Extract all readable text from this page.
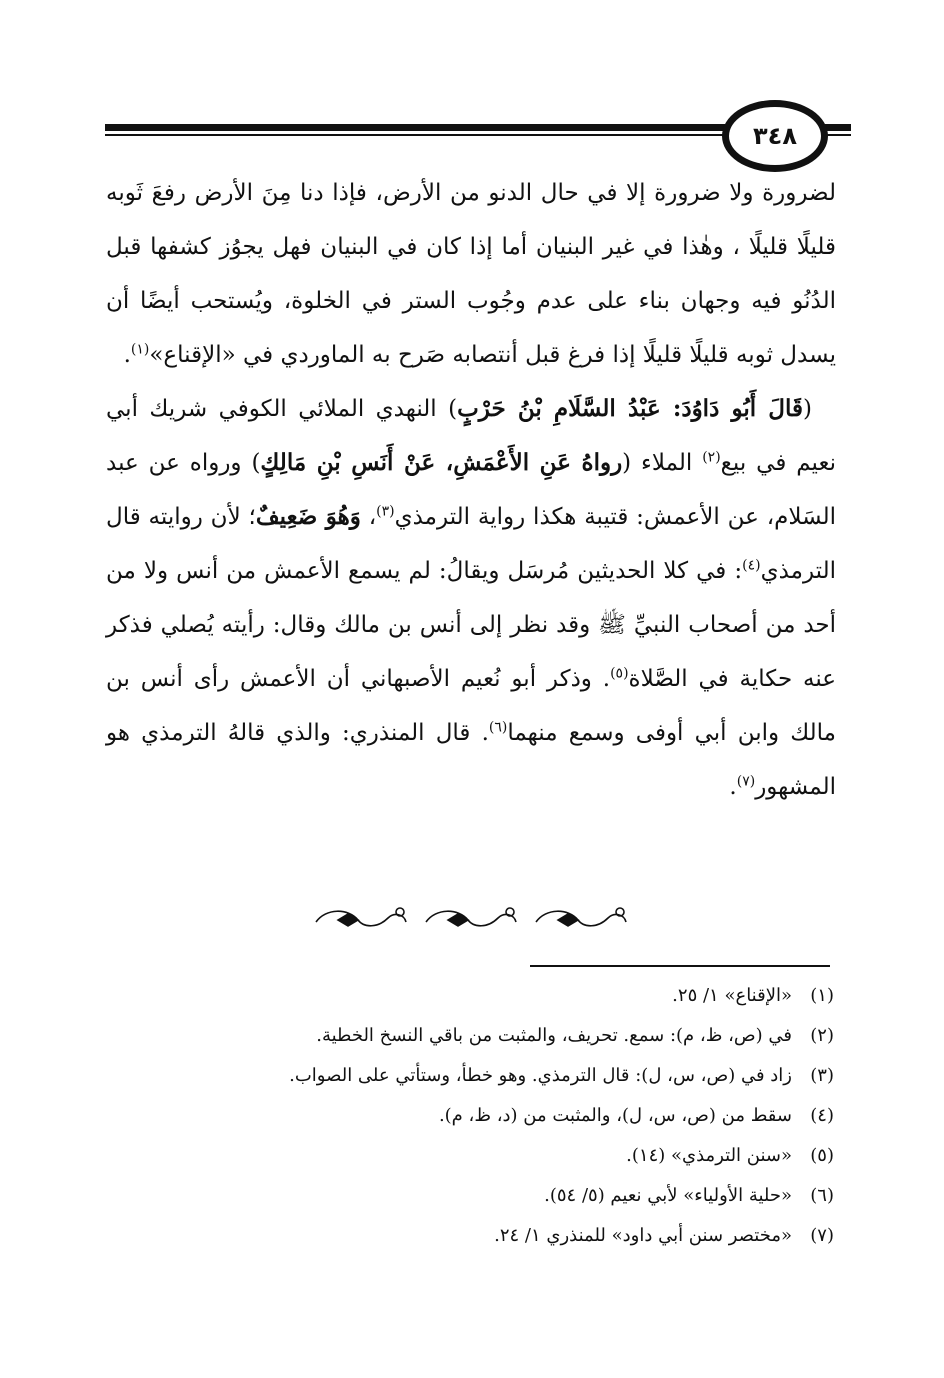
٣٤٨

لضرورة ولا ضرورة إلا في حال الدنو من الأرض، فإذا دنا مِنَ الأرض رفعَ ثَوبه قليلًا قليلًا ، وهٰذا في غير البنيان أما إذا كان في البنيان فهل يجوُز كشفها قبل الدُنُو فيه وجهان بناء على عدم وجُوب الستر في الخلوة، ويُستحب أيضًا أن يسدل ثوبه قليلًا قليلًا إذا فرغ قبل أنتصابه صَرح به الماوردي في «الإقناع»$^{(١)}$.

(قَالَ أَبُو دَاوُدَ: عَبْدُ السَّلَامِ بْنُ حَرْبٍ) النهدي الملائي الكوفي شريك أبي نعيم في بيع$^{(٢)}$ الملاء (رواهُ عَنِ الأَعْمَشِ، عَنْ أَنَسِ بْنِ مَالِكٍ) ورواه عن عبد السَلام، عن الأعمش: قتيبة هكذا رواية الترمذي$^{(٣)}$، وَهُوَ ضَعِيفٌ؛ لأن روايته قال الترمذي$^{(٤)}$: في كلا الحديثين مُرسَل ويقالُ: لم يسمع الأعمش من أنس ولا من أحد من أصحاب النبيِّ ﷺ وقد نظر إلى أنس بن مالك وقال: رأيته يُصلي فذكر عنه حكاية في الصَّلاة$^{(٥)}$. وذكر أبو نُعيم الأصبهاني أن الأعمش رأى أنس بن مالك وابن أبي أوفى وسمع منهما$^{(٦)}$. قال المنذري: والذي قالهُ الترمذي هو المشهور$^{(٧)}$.

(١)
«الإقناع» ١/ ٢٥.
(٢)
في (ص، ظ، م): سمع. تحريف، والمثبت من باقي النسخ الخطية.
(٣)
زاد في (ص، س، ل): قال الترمذي. وهو خطأ، وستأتي على الصواب.
(٤)
سقط من (ص، س، ل)، والمثبت من (د، ظ، م).
(٥)
«سنن الترمذي» (١٤).
(٦)
«حلية الأولياء» لأبي نعيم (٥/ ٥٤).
(٧)
«مختصر سنن أبي داود» للمنذري ١/ ٢٤.
